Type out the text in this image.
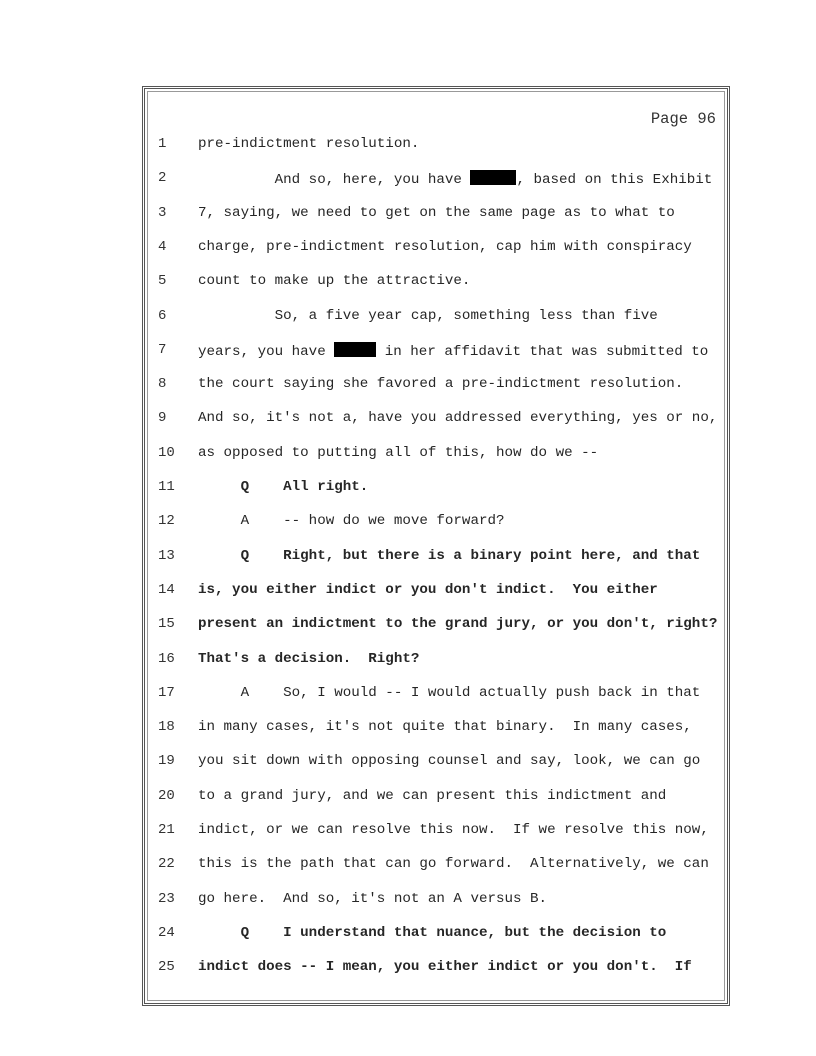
Page 96
1	pre-indictment resolution.
2	And so, here, you have	, based on this Exhibit
3	7, saying, we need to get on the same page as to what to
4	charge, pre-indictment resolution, cap him with conspiracy
5	count to make up the attractive.
6	So, a five year cap, something less than five
7	years, you have	in her affidavit that was submitted to
8	the court saying she favored a pre-indictment resolution.
9	And so, it's not a, have you addressed everything, yes or no,
10	as opposed to putting all of this, how do we --
11	Q    All right.
12	A    -- how do we move forward?
13	Q    Right, but there is a binary point here, and that
14	is, you either indict or you don't indict.  You either
15	present an indictment to the grand jury, or you don't, right?
16	That's a decision.  Right?
17	A    So, I would -- I would actually push back in that
18	in many cases, it's not quite that binary.  In many cases,
19	you sit down with opposing counsel and say, look, we can go
20	to a grand jury, and we can present this indictment and
21	indict, or we can resolve this now.  If we resolve this now,
22	this is the path that can go forward.  Alternatively, we can
23	go here.  And so, it's not an A versus B.
24	Q    I understand that nuance, but the decision to
25	indict does -- I mean, you either indict or you don't.  If
